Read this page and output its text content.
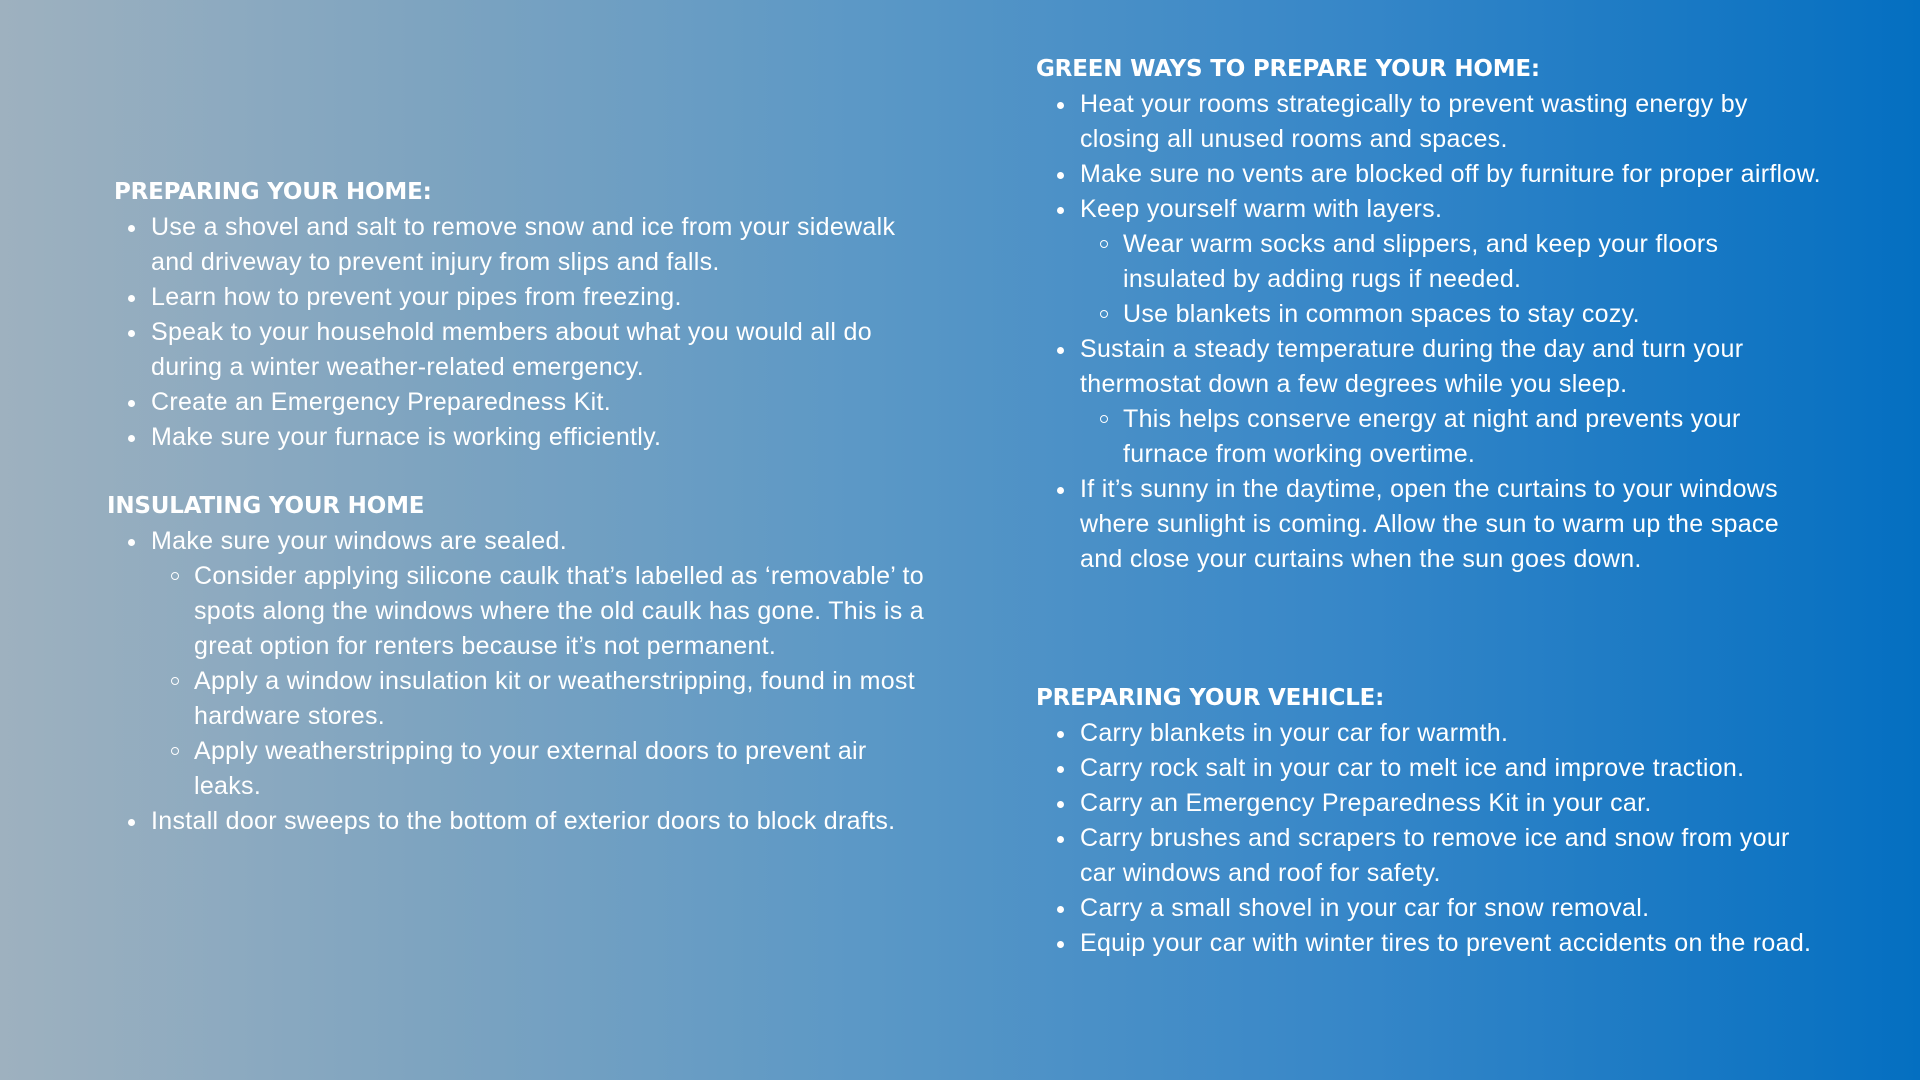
PREPARING YOUR HOME:
Use a shovel and salt to remove snow and ice from your sidewalk and driveway to prevent injury from slips and falls.
Learn how to prevent your pipes from freezing.
Speak to your household members about what you would all do during a winter weather-related emergency.
Create an Emergency Preparedness Kit.
Make sure your furnace is working efficiently.
INSULATING YOUR HOME
Make sure your windows are sealed.
Consider applying silicone caulk that’s labelled as ‘removable’ to spots along the windows where the old caulk has gone. This is a great option for renters because it’s not permanent.
Apply a window insulation kit or weatherstripping, found in most hardware stores.
Apply weatherstripping to your external doors to prevent air leaks.
Install door sweeps to the bottom of exterior doors to block drafts.
GREEN WAYS TO PREPARE YOUR HOME:
Heat your rooms strategically to prevent wasting energy by closing all unused rooms and spaces.
Make sure no vents are blocked off by furniture for proper airflow.
Keep yourself warm with layers.
Wear warm socks and slippers, and keep your floors insulated by adding rugs if needed.
Use blankets in common spaces to stay cozy.
Sustain a steady temperature during the day and turn your thermostat down a few degrees while you sleep.
This helps conserve energy at night and prevents your furnace from working overtime.
If it’s sunny in the daytime, open the curtains to your windows where sunlight is coming. Allow the sun to warm up the space and close your curtains when the sun goes down.
PREPARING YOUR VEHICLE:
Carry blankets in your car for warmth.
Carry rock salt in your car to melt ice and improve traction.
Carry an Emergency Preparedness Kit in your car.
Carry brushes and scrapers to remove ice and snow from your car windows and roof for safety.
Carry a small shovel in your car for snow removal.
Equip your car with winter tires to prevent accidents on the road.
